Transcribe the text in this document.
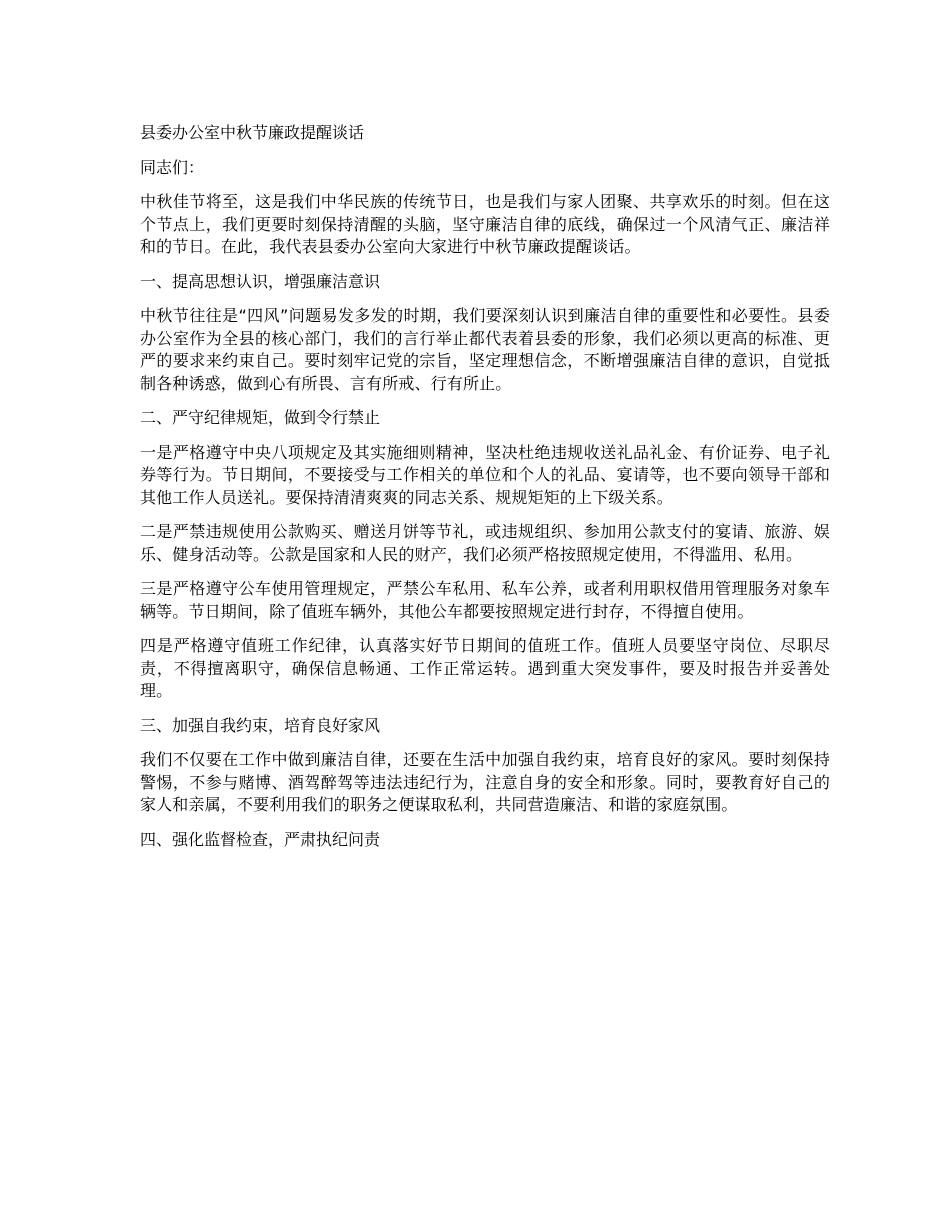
县委办公室中秋节廉政提醒谈话

同志们：

中秋佳节将至，这是我们中华民族的传统节日，也是我们与家人团聚、共享欢乐的时刻。但在这个节点上，我们更要时刻保持清醒的头脑，坚守廉洁自律的底线，确保过一个风清气正、廉洁祥和的节日。在此，我代表县委办公室向大家进行中秋节廉政提醒谈话。

一、提高思想认识，增强廉洁意识

中秋节往往是“四风”问题易发多发的时期，我们要深刻认识到廉洁自律的重要性和必要性。县委办公室作为全县的核心部门，我们的言行举止都代表着县委的形象，我们必须以更高的标准、更严的要求来约束自己。要时刻牢记党的宗旨，坚定理想信念，不断增强廉洁自律的意识，自觉抵制各种诱惑，做到心有所畏、言有所戒、行有所止。

二、严守纪律规矩，做到令行禁止

一是严格遵守中央八项规定及其实施细则精神，坚决杜绝违规收送礼品礼金、有价证券、电子礼券等行为。节日期间，不要接受与工作相关的单位和个人的礼品、宴请等，也不要向领导干部和其他工作人员送礼。要保持清清爽爽的同志关系、规规矩矩的上下级关系。

二是严禁违规使用公款购买、赠送月饼等节礼，或违规组织、参加用公款支付的宴请、旅游、娱乐、健身活动等。公款是国家和人民的财产，我们必须严格按照规定使用，不得滥用、私用。

三是严格遵守公车使用管理规定，严禁公车私用、私车公养，或者利用职权借用管理服务对象车辆等。节日期间，除了值班车辆外，其他公车都要按照规定进行封存，不得擅自使用。

四是严格遵守值班工作纪律，认真落实好节日期间的值班工作。值班人员要坚守岗位、尽职尽责，不得擅离职守，确保信息畅通、工作正常运转。遇到重大突发事件，要及时报告并妥善处理。

三、加强自我约束，培育良好家风

我们不仅要在工作中做到廉洁自律，还要在生活中加强自我约束，培育良好的家风。要时刻保持警惕，不参与赌博、酒驾醉驾等违法违纪行为，注意自身的安全和形象。同时，要教育好自己的家人和亲属，不要利用我们的职务之便谋取私利，共同营造廉洁、和谐的家庭氛围。

四、强化监督检查，严肃执纪问责
